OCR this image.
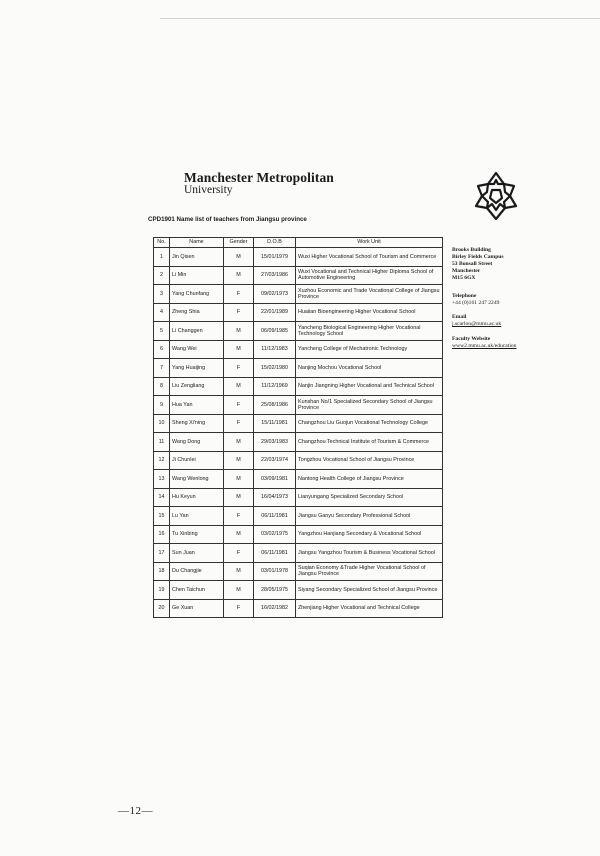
Manchester Metropolitan
University
CPD1901 Name list of teachers from Jiangsu province
No.	Name	Gender	D.O.B	Work Unit
1	Jin Qisen	M	15/01/1979	Wuxi Higher Vocational School of Tourism and Commerce
2	Li Min	M	27/03/1986	Wuxi Vocational and Technical Higher Diploma School of Automotive Engineering
3	Yang Chunfang	F	09/02/1973	Xuzhou Economic and Trade Vocational College of Jiangsu Province
4	Zheng Shia	F	22/01/1989	Huaiian Bioengineering Higher Vocational School
5	Li Changgen	M	06/09/1985	Yancheng Biological Engineering Higher Vocational Technology School
6	Wang Wei	M	11/12/1983	Yancheng College of Mechatronic Technology
7	Yang Huaijing	F	15/02/1980	Nanjing Mochou Vocational School
8	Liu Zengliang	M	11/12/1969	Nanjin Jiangning Higher Vocational and Technical School
9	Hua Yan	F	25/08/1986	Kunshan No/1 Specialized Secondary School of Jiangsu Province
10	Sheng Xi'ning	F	15/11/1981	Changzhou Liu Guojun Vocational Technology College
11	Wang Dong	M	29/03/1983	Changzhou Technical Institute of Tourism & Commerce
12	Ji Chunlei	M	22/03/1974	Tongzhou Vocational School of Jiangsu Province
13	Wang Wenlong	M	03/09/1981	Nantong Health College of Jiangsu Province
14	Hu Keyun	M	16/04/1973	Lianyungang Specialized Secondary School
15	Lu Yan	F	06/11/1981	Jiangsu Ganyu Secondary Professional School
16	Tu Xinbing	M	03/02/1975	Yangzhou Hanjiang Secondary & Vocational School
17	Sun Juan	F	06/11/1981	Jiangsu Yangzhou Tourism & Business Vocational School
18	Du Changjie	M	03/01/1978	Suqian Economy &Trade Higher Vocational School of Jiangsu Province
19	Chen Taichun	M	28/05/1975	Siyang Secondary Specialized School of Jiangsu Province
20	Ge Xuan	F	16/02/1982	Zhenjiang Higher Vocational and Technical College
Brooks Building
Birley Fields Campus
53 Bonsall Street
Manchester
M15 6GX
Telephone
+44 (0)161 247 2249
Email
j.scarlon@mmu.ac.uk
Faculty Website
www2.mmu.ac.uk/education
—12—
